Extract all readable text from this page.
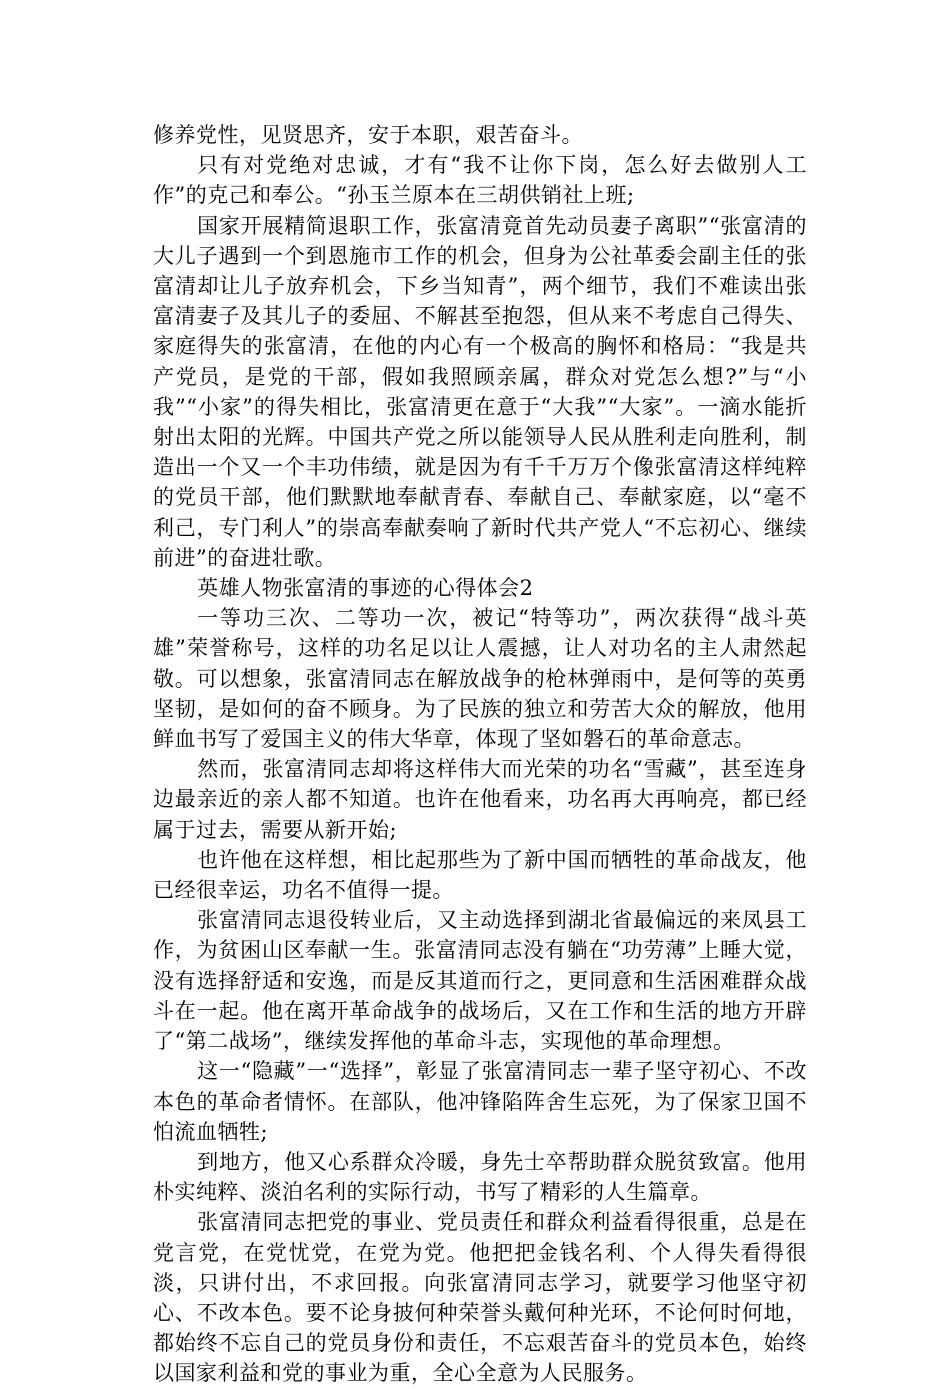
修养党性，见贤思齐，安于本职，艰苦奋斗。

只有对党绝对忠诚，才有“我不让你下岗，怎么好去做别人工作”的克己和奉公。“孙玉兰原本在三胡供销社上班;

国家开展精简退职工作，张富清竟首先动员妻子离职”“张富清的大儿子遇到一个到恩施市工作的机会，但身为公社革委会副主任的张富清却让儿子放弃机会，下乡当知青”，两个细节，我们不难读出张富清妻子及其儿子的委屈、不解甚至抱怨，但从来不考虑自己得失、家庭得失的张富清，在他的内心有一个极高的胸怀和格局：“我是共产党员，是党的干部，假如我照顾亲属，群众对党怎么想?”与“小我”“小家”的得失相比，张富清更在意于“大我”“大家”。一滴水能折射出太阳的光辉。中国共产党之所以能领导人民从胜利走向胜利，制造出一个又一个丰功伟绩，就是因为有千千万万个像张富清这样纯粹的党员干部，他们默默地奉献青春、奉献自己、奉献家庭，以“毫不利己，专门利人”的崇高奉献奏响了新时代共产党人“不忘初心、继续前进”的奋进壮歌。

英雄人物张富清的事迹的心得体会2

一等功三次、二等功一次，被记“特等功”，两次获得“战斗英雄”荣誉称号，这样的功名足以让人震撼，让人对功名的主人肃然起敬。可以想象，张富清同志在解放战争的枪林弹雨中，是何等的英勇坚韧，是如何的奋不顾身。为了民族的独立和劳苦大众的解放，他用鲜血书写了爱国主义的伟大华章，体现了坚如磐石的革命意志。

然而，张富清同志却将这样伟大而光荣的功名“雪藏”，甚至连身边最亲近的亲人都不知道。也许在他看来，功名再大再响亮，都已经属于过去，需要从新开始;

也许他在这样想，相比起那些为了新中国而牺牲的革命战友，他已经很幸运，功名不值得一提。

张富清同志退役转业后，又主动选择到湖北省最偏远的来凤县工作，为贫困山区奉献一生。张富清同志没有躺在“功劳薄”上睡大觉，没有选择舒适和安逸，而是反其道而行之，更同意和生活困难群众战斗在一起。他在离开革命战争的战场后，又在工作和生活的地方开辟了“第二战场”，继续发挥他的革命斗志，实现他的革命理想。

这一“隐藏”一“选择”，彰显了张富清同志一辈子坚守初心、不改本色的革命者情怀。在部队，他冲锋陷阵舍生忘死，为了保家卫国不怕流血牺牲;

到地方，他又心系群众冷暖，身先士卒帮助群众脱贫致富。他用朴实纯粹、淡泊名利的实际行动，书写了精彩的人生篇章。

张富清同志把党的事业、党员责任和群众利益看得很重，总是在党言党，在党忧党，在党为党。他把把金钱名利、个人得失看得很淡，只讲付出，不求回报。向张富清同志学习，就要学习他坚守初心、不改本色。要不论身披何种荣誉头戴何种光环，不论何时何地，都始终不忘自己的党员身份和责任，不忘艰苦奋斗的党员本色，始终以国家利益和党的事业为重，全心全意为人民服务。
